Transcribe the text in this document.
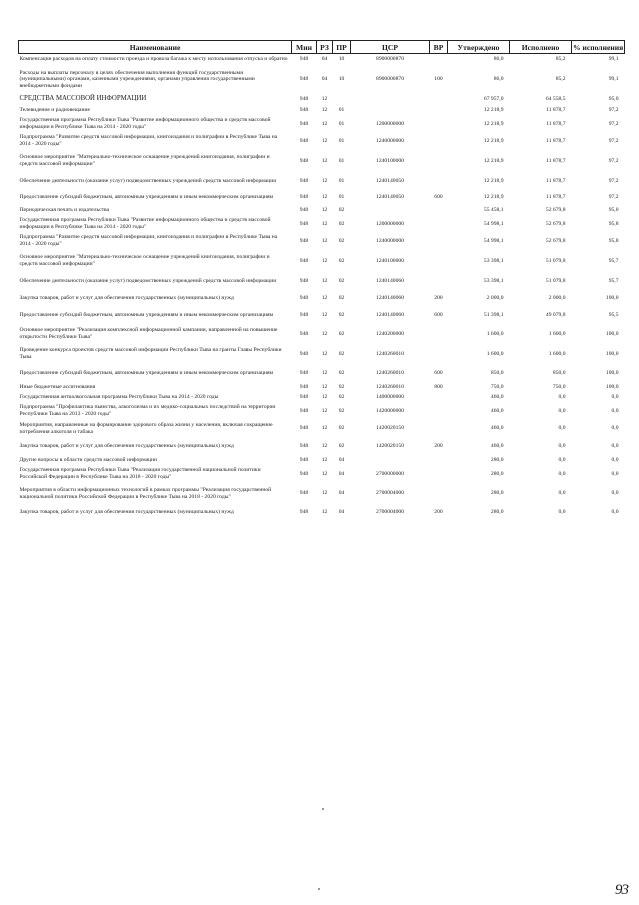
Наименование	Мин	РЗ	ПР	ЦСР	ВР	Утверждено	Исполнено	% исполнения
Компенсация расходов на оплату стоимости проезда и провоза багажа к месту использования отпуска и обратно	948	04	10	8900000870		86,0	85,2	99,1
Расходы на выплаты персоналу в целях обеспечения выполнения функций государственными (муниципальными) органами, казенными учреждениями, органами управления государственными внебюджетными фондами	948	04	10	8900000870	100	86,0	85,2	99,1
СРЕДСТВА МАССОВОЙ ИНФОРМАЦИИ	948	12				67 957,0	64 558,5	95,0
Телевидение и радиовещание	948	12	01			12 218,9	11 878,7	97,2
Государственная программа Республики Тыва "Развитие информационного общества и средств массовой информации в Республике Тыва на 2014 - 2020 годы"	948	12	01	1200000000		12 218,9	11 878,7	97,2
Подпрограмма "Развитие средств массовой информации, книгоиздания и полиграфии в Республике Тыва на 2014 - 2020 годы"	948	12	01	1240000000		12 218,9	11 878,7	97,2
Основное мероприятие "Материально-техническое оснащение учреждений книгоиздания, полиграфии и средств массовой информации"	948	12	01	1240100000		12 218,9	11 878,7	97,2
Обеспечение деятельности (оказание услуг) подведомственных учреждений средств массовой информации	948	12	01	1240140050		12 218,9	11 878,7	97,2
Предоставление субсидий бюджетным, автономным учреждениям и иным некоммерческим организациям	948	12	01	1240140050	600	12 218,9	11 878,7	97,2
Периодическая печать и издательства	948	12	02			55 458,1	52 679,8	95,0
Государственная программа Республики Тыва "Развитие информационного общества и средств массовой информации в Республике Тыва на 2014 - 2020 годы"	948	12	02	1200000000		54 998,1	52 679,8	95,8
Подпрограмма "Развитие средств массовой информации, книгоиздания и полиграфии в Республике Тыва на 2014 - 2020 годы"	948	12	02	1240000000		54 998,1	52 679,8	95,8
Основное мероприятие "Материально-техническое оснащение учреждений книгоиздания, полиграфии и средств массовой информации"	948	12	02	1240100000		53 398,1	51 079,8	95,7
Обеспечение деятельности (оказание услуг) подведомственных учреждений средств массовой информации	948	12	02	1240140060		53 398,1	51 079,8	95,7
Закупка товаров, работ и услуг для обеспечения государственных (муниципальных) нужд	948	12	02	1240140060	200	2 000,0	2 000,0	100,0
Предоставление субсидий бюджетным, автономным учреждениям и иным некоммерческим организациям	948	12	02	1240140060	600	51 398,1	49 079,8	95,5
Основное мероприятие "Реализация комплексной информационной кампании, направленной на повышение открытости Республики Тыва"	948	12	02	1240200000		1 600,0	1 600,0	100,0
Проведение конкурса проектов средств массовой информации Республики Тыва на гранты Главы Республики Тыва	948	12	02	1240260010		1 600,0	1 600,0	100,0
Предоставление субсидий бюджетным, автономным учреждениям и иным некоммерческим организациям	948	12	02	1240260010	600	850,0	850,0	100,0
Иные бюджетные ассигнования	948	12	02	1240260010	800	750,0	750,0	100,0
Государственная антиалкогольная программа Республики Тыва на 2014 - 2020 годы	948	12	02	1400000000		460,0	0,0	0,0
Подпрограмма "Профилактика пьянства, алкоголизма и их медико-социальных последствий на территории Республики Тыва на 2013 - 2020 годы"	948	12	02	1420000000		460,0	0,0	0,0
Мероприятия, направленные на формирование здорового образа жизни у населения, включая сокращение потребления алкоголя и табака	948	12	02	1420020150		460,0	0,0	0,0
Закупка товаров, работ и услуг для обеспечения государственных (муниципальных) нужд	948	12	02	1420020150	200	460,0	0,0	0,0
Другие вопросы в области средств массовой информации	948	12	04			280,0	0,0	0,0
Государственная программа Республики Тыва "Реализация государственной национальной политики Российской Федерации в Республике Тыва на 2018 - 2020 годы"	948	12	04	2700000000		280,0	0,0	0,0
Мероприятия в области информационных технологий в рамках программы "Реализация государственной национальной политики Российской Федерации в Республике Тыва на 2018 - 2020 годы"	948	12	04	2700004000		280,0	0,0	0,0
Закупка товаров, работ и услуг для обеспечения государственных (муниципальных) нужд	948	12	04	2700004000	200	280,0	0,0	0,0
93
